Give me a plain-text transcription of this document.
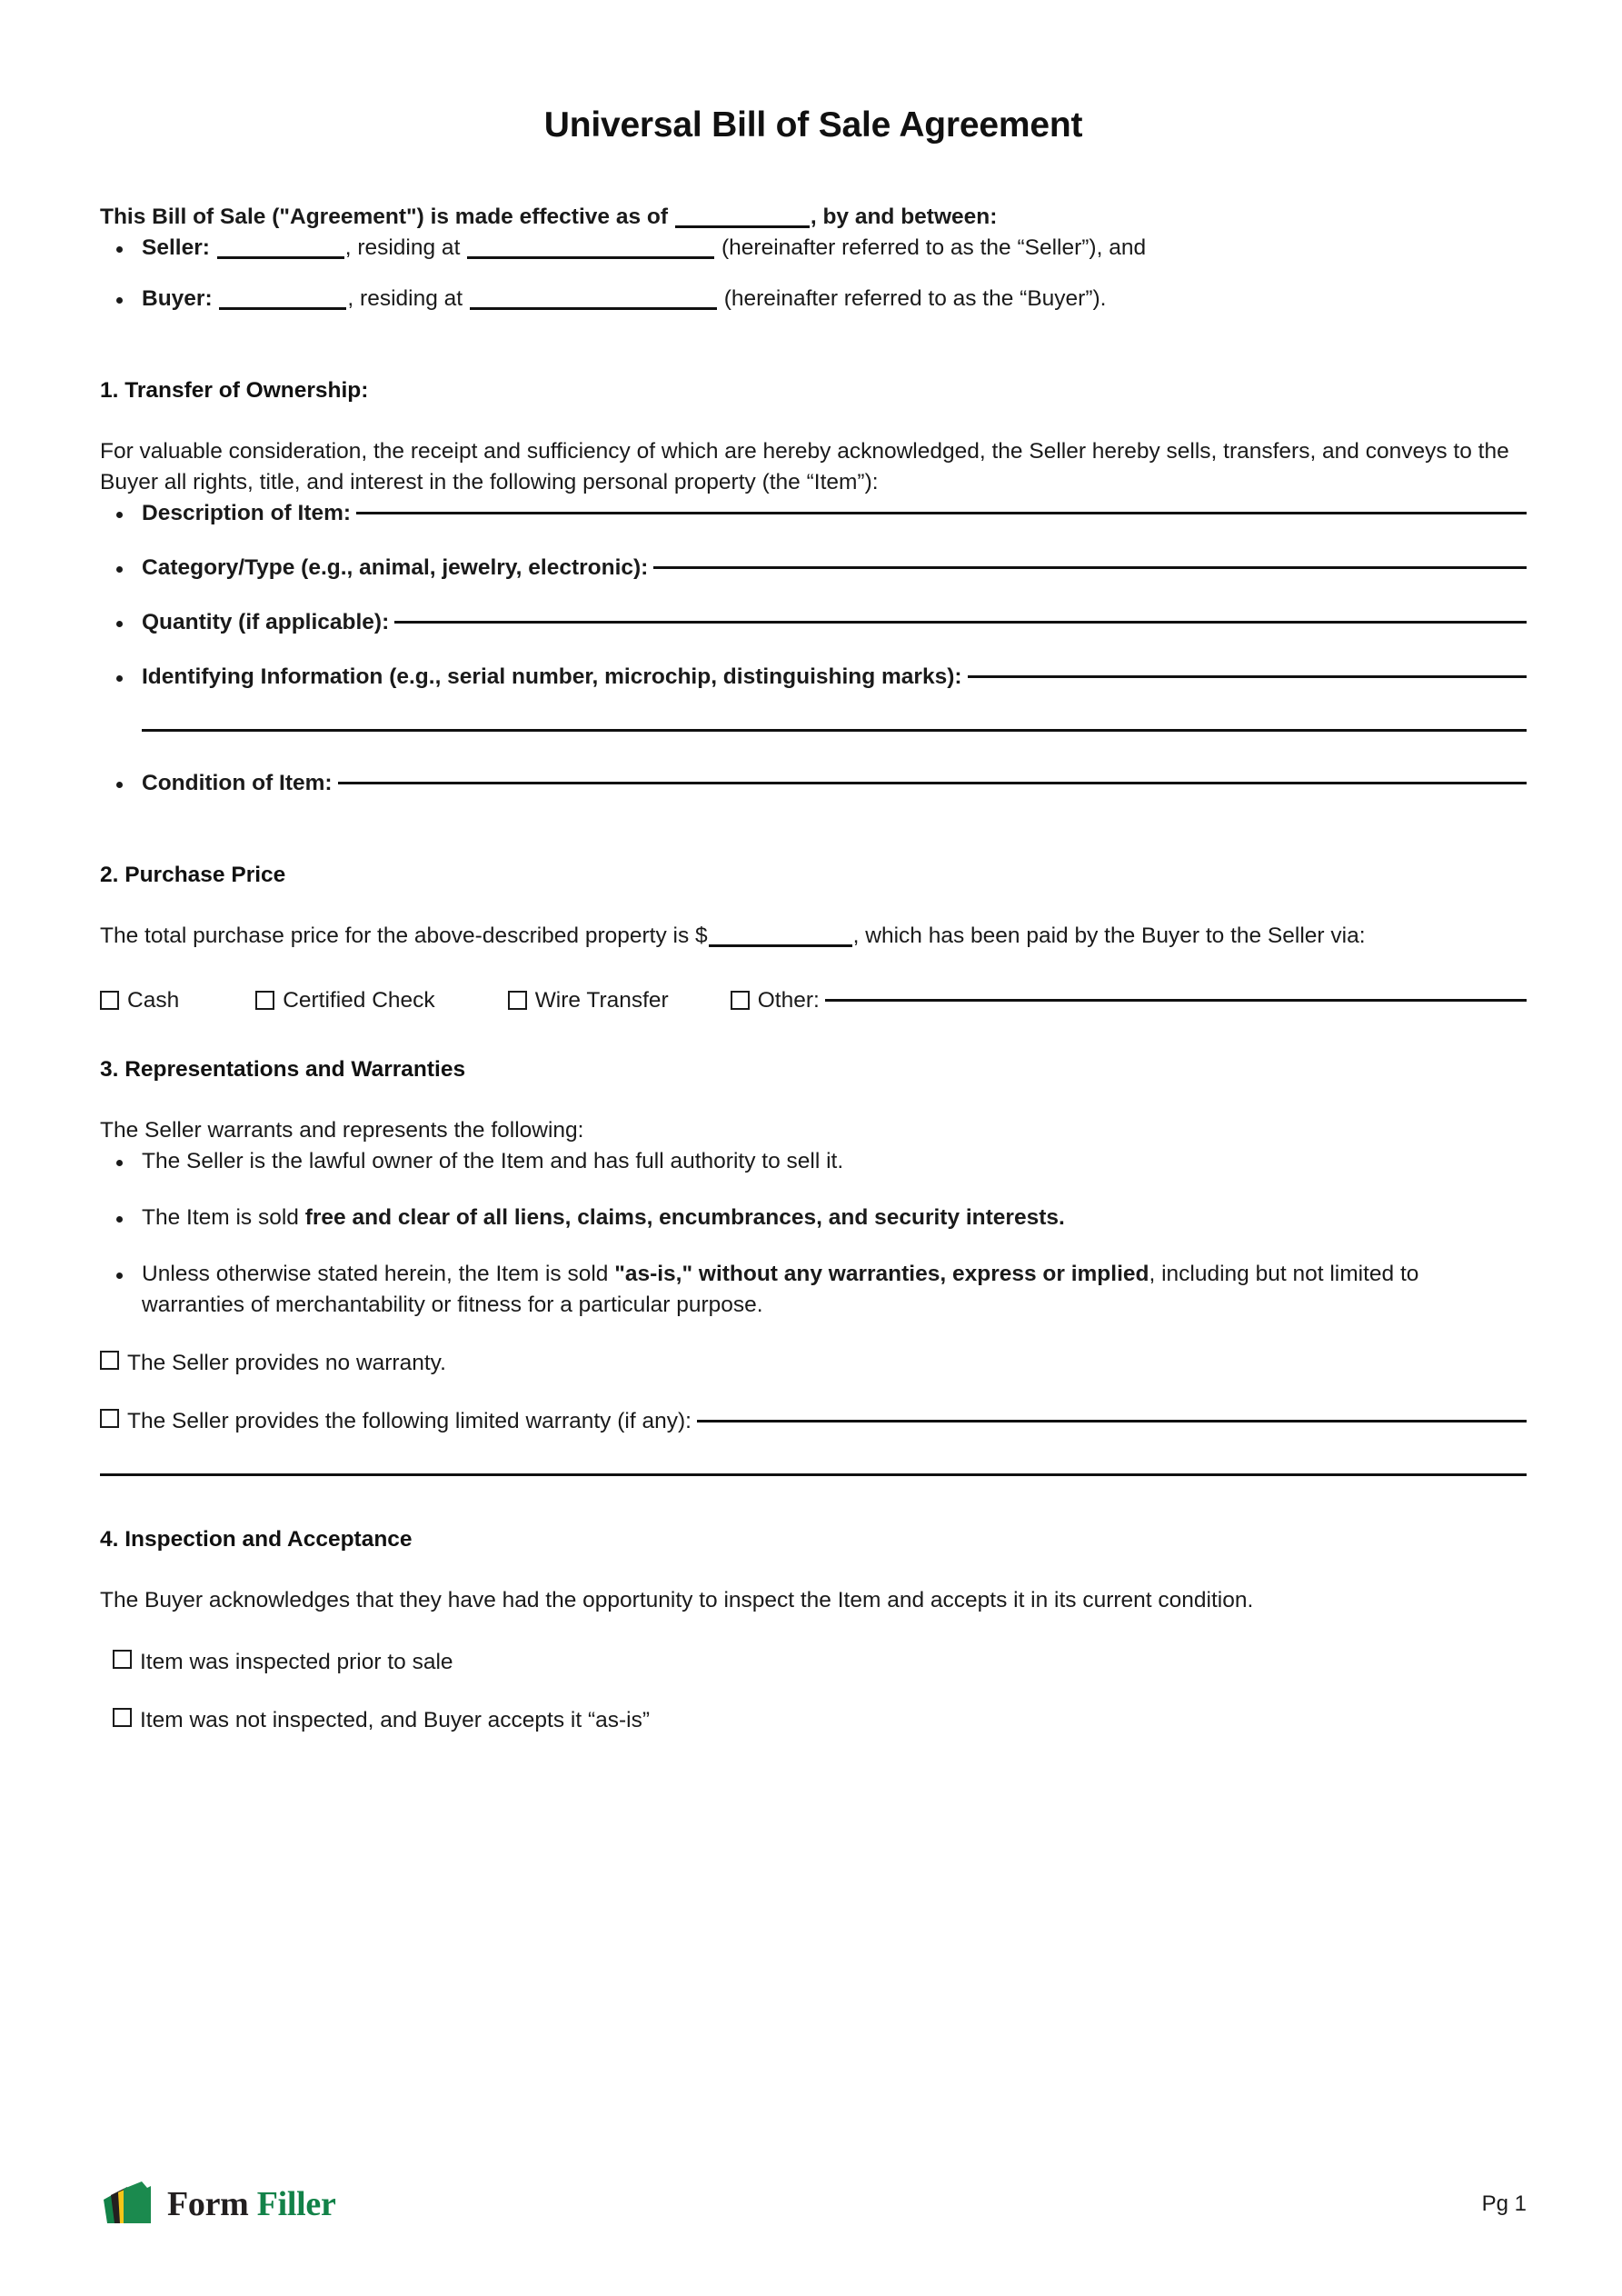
Universal Bill of Sale Agreement

This Bill of Sale ("Agreement") is made effective as of	, by and between:

Seller:	, residing at	(hereinafter referred to as the “Seller”), and
Buyer:	, residing at	(hereinafter referred to as the “Buyer”).

1. Transfer of Ownership:

For valuable consideration, the receipt and sufficiency of which are hereby acknowledged, the Seller hereby sells, transfers, and conveys to the Buyer all rights, title, and interest in the following personal property (the “Item”):

Description of Item:
Category/Type (e.g., animal, jewelry, electronic):
Quantity (if applicable):
Identifying Information (e.g., serial number, microchip, distinguishing marks):
Condition of Item:

2. Purchase Price

The total purchase price for the above-described property is $	, which has been paid by the Buyer to the Seller via:

Cash	Certified Check	Wire Transfer	Other:

3. Representations and Warranties

The Seller warrants and represents the following:

The Seller is the lawful owner of the Item and has full authority to sell it.
The Item is sold free and clear of all liens, claims, encumbrances, and security interests.
Unless otherwise stated herein, the Item is sold "as-is," without any warranties, express or implied, including but not limited to warranties of merchantability or fitness for a particular purpose.
The Seller provides no warranty.
The Seller provides the following limited warranty (if any):

4. Inspection and Acceptance

The Buyer acknowledges that they have had the opportunity to inspect the Item and accepts it in its current condition.

Item was inspected prior to sale
Item was not inspected, and Buyer accepts it “as-is”
Form Filler	Pg 1
